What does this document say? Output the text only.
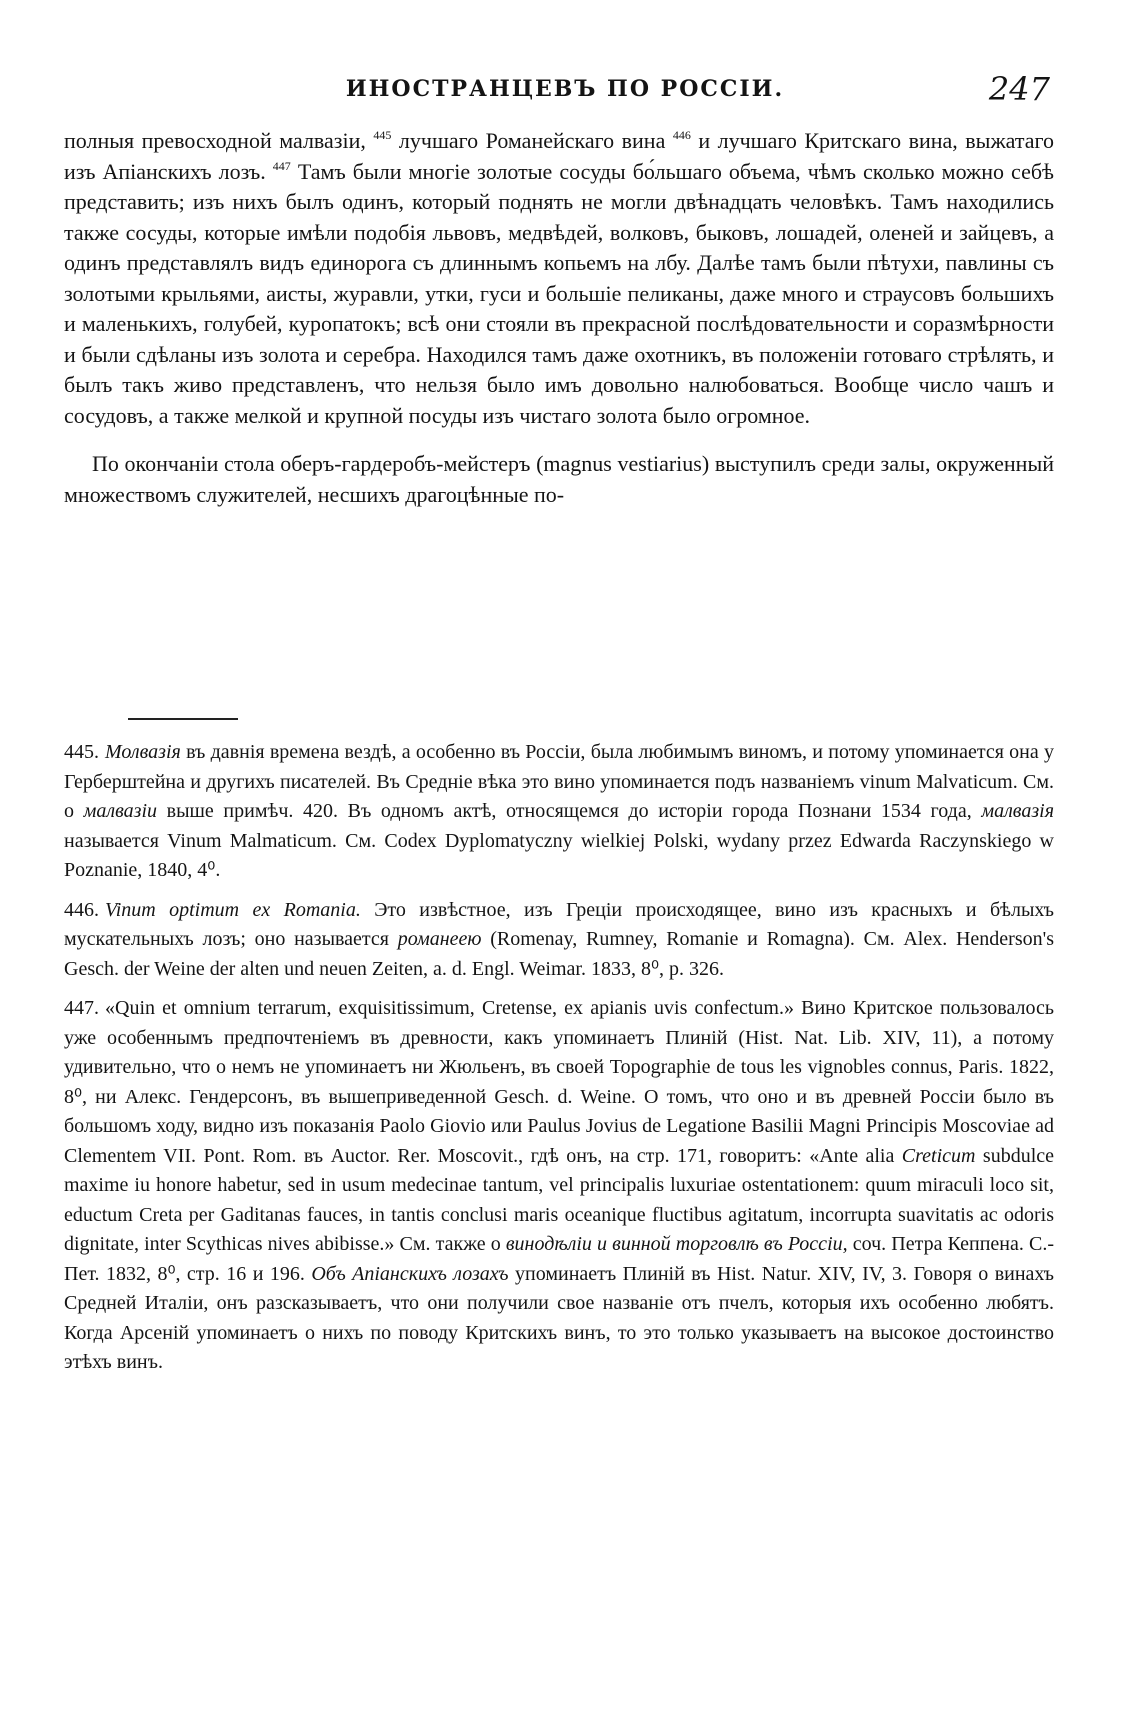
ИНОСТРАНЦЕВЪ ПО РОССІИ.	247

полныя превосходной малвазіи, $^{445}$ лучшаго Романейскаго вина $^{446}$ и лучшаго Критскаго вина, выжатаго изъ Апіанскихъ лозъ. $^{447}$ Тамъ были многіе золотые сосуды бо́льшаго объема, чѣмъ сколько можно себѣ представить; изъ нихъ былъ одинъ, который поднять не могли двѣнадцать человѣкъ. Тамъ находились также сосуды, которые имѣли подобія львовъ, медвѣдей, волковъ, быковъ, лошадей, оленей и зайцевъ, а одинъ представлялъ видъ единорога съ длиннымъ копьемъ на лбу. Далѣе тамъ были пѣтухи, павлины съ золотыми крыльями, аисты, журавли, утки, гуси и большіе пеликаны, даже много и страусовъ большихъ и маленькихъ, голубей, куропатокъ; всѣ они стояли въ прекрасной послѣдовательности и соразмѣрности и были сдѣланы изъ золота и серебра. Находился тамъ даже охотникъ, въ положеніи готоваго стрѣлять, и былъ такъ живо представленъ, что нельзя было имъ довольно налюбоваться. Вообще число чашъ и сосудовъ, а также мелкой и крупной посуды изъ чистаго золота было огромное.

По окончаніи стола оберъ-гардеробъ-мейстеръ (magnus vestiarius) выступилъ среди залы, окруженный множествомъ служителей, несшихъ драгоцѣнные по-

445. Молвазія въ давнія времена вездѣ, а особенно въ Россіи, была любимымъ виномъ, и потому упоминается она у Герберштейна и другихъ писателей. Въ Средніе вѣка это вино упоминается подъ названіемъ vinum Malvaticum. См. о малвазіи выше примѣч. 420. Въ одномъ актѣ, относящемся до исторіи города Познани 1534 года, малвазія называется Vinum Malmaticum. См. Codex Dyplomatyczny wielkiej Polski, wydany przez Edwarda Raczynskiego w Poznanie, 1840, 4⁰.

446. Vinum optimum ex Romania. Это извѣстное, изъ Греціи происходящее, вино изъ красныхъ и бѣлыхъ мускательныхъ лозъ; оно называется романеею (Romenay, Rumney, Romanie и Romagna). См. Alex. Henderson's Gesch. der Weine der alten und neuen Zeiten, a. d. Engl. Weimar. 1833, 8⁰, p. 326.

447. «Quin et omnium terrarum, exquisitissimum, Cretense, ex apianis uvis confectum.» Вино Критское пользовалось уже особеннымъ предпочтеніемъ въ древности, какъ упоминаетъ Плиній (Hist. Nat. Lib. XIV, 11), а потому удивительно, что о немъ не упоминаетъ ни Жюльенъ, въ своей Topographie de tous les vignobles connus, Paris. 1822, 8⁰, ни Алекс. Гендерсонъ, въ вышеприведенной Gesch. d. Weine. О томъ, что оно и въ древней Россіи было въ большомъ ходу, видно изъ показанія Paolo Giovio или Paulus Jovius de Legatione Basilii Magni Principis Moscoviae ad Clementem VII. Pont. Rom. въ Auctor. Rer. Moscovit., гдѣ онъ, на стр. 171, говоритъ: «Ante alia Creticum subdulce maxime iu honore habetur, sed in usum medecinae tantum, vel principalis luxuriae ostentationem: quum miraculi loco sit, eductum Creta per Gaditanas fauces, in tantis conclusi maris oceanique fluctibus agitatum, incorrupta suavitatis ac odoris dignitate, inter Scythicas nives abibisse.» См. также о винодѣліи и винной торговлѣ въ Россіи, соч. Петра Кеппена. С.-Пет. 1832, 8⁰, стр. 16 и 196. Объ Апіанскихъ лозахъ упоминаетъ Плиній въ Hist. Natur. XIV, IV, 3. Говоря о винахъ Средней Италіи, онъ разсказываетъ, что они получили свое названіе отъ пчелъ, которыя ихъ особенно любятъ. Когда Арсеній упоминаетъ о нихъ по поводу Критскихъ винъ, то это только указываетъ на высокое достоинство этѣхъ винъ.
